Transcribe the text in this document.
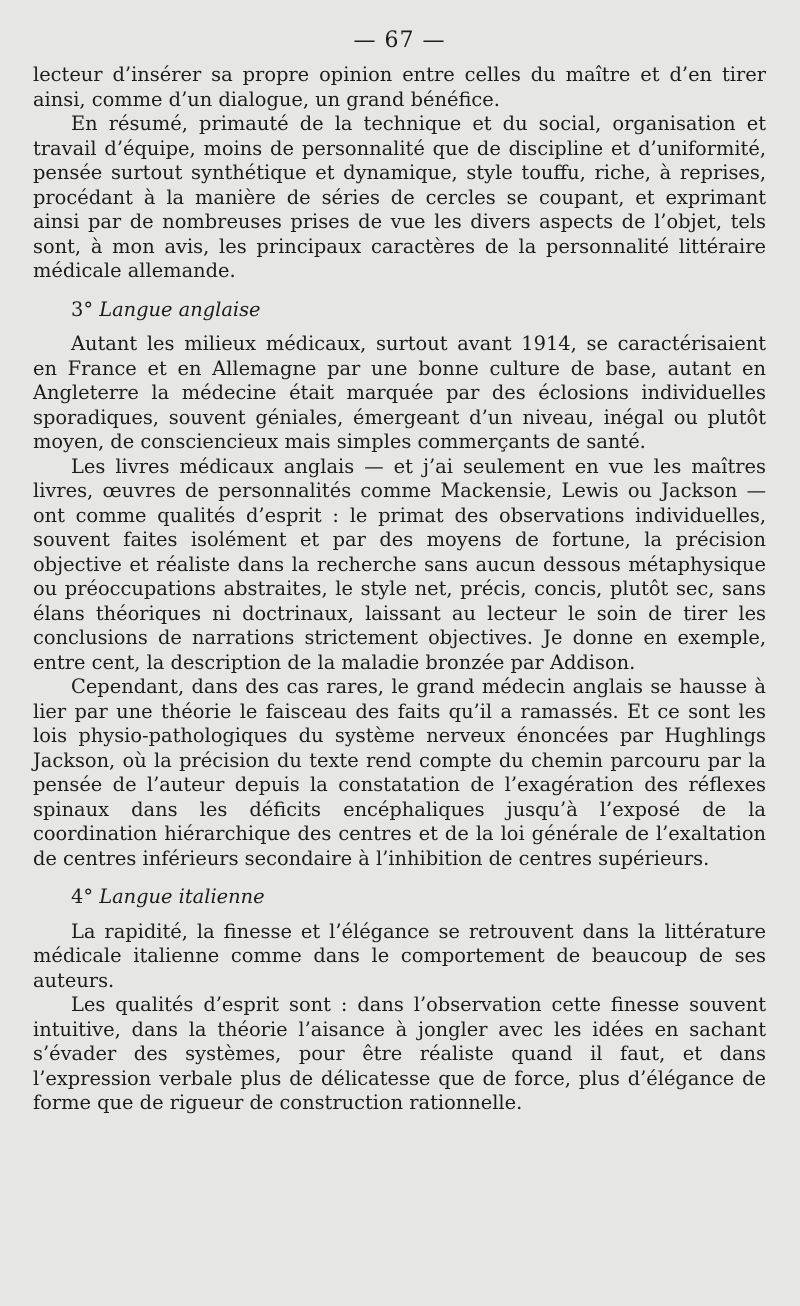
— 67 —

lecteur d’insérer sa propre opinion entre celles du maître et d’en tirer ainsi, comme d’un dialogue, un grand bénéfice.

En résumé, primauté de la technique et du social, organisation et travail d’équipe, moins de personnalité que de discipline et d’uniformité, pensée surtout synthétique et dynamique, style touffu, riche, à reprises, procédant à la manière de séries de cercles se coupant, et exprimant ainsi par de nombreuses prises de vue les divers aspects de l’objet, tels sont, à mon avis, les principaux caractères de la personnalité littéraire médicale allemande.

3° Langue anglaise

Autant les milieux médicaux, surtout avant 1914, se caractérisaient en France et en Allemagne par une bonne culture de base, autant en Angleterre la médecine était marquée par des éclosions individuelles sporadiques, souvent géniales, émergeant d’un niveau, inégal ou plutôt moyen, de consciencieux mais simples commerçants de santé.

Les livres médicaux anglais — et j’ai seulement en vue les maîtres livres, œuvres de personnalités comme Mackensie, Lewis ou Jackson — ont comme qualités d’esprit : le primat des observations individuelles, souvent faites isolément et par des moyens de fortune, la précision objective et réaliste dans la recherche sans aucun dessous métaphysique ou préoccupations abstraites, le style net, précis, concis, plutôt sec, sans élans théoriques ni doctrinaux, laissant au lecteur le soin de tirer les conclusions de narrations strictement objectives. Je donne en exemple, entre cent, la description de la maladie bronzée par Addison.

Cependant, dans des cas rares, le grand médecin anglais se hausse à lier par une théorie le faisceau des faits qu’il a ramassés. Et ce sont les lois physio-pathologiques du système nerveux énoncées par Hughlings Jackson, où la précision du texte rend compte du chemin parcouru par la pensée de l’auteur depuis la constatation de l’exagération des réflexes spinaux dans les déficits encéphaliques jusqu’à l’exposé de la coordination hiérarchique des centres et de la loi générale de l’exaltation de centres inférieurs secondaire à l’inhibition de centres supérieurs.

4° Langue italienne

La rapidité, la finesse et l’élégance se retrouvent dans la littérature médicale italienne comme dans le comportement de beaucoup de ses auteurs.

Les qualités d’esprit sont : dans l’observation cette finesse souvent intuitive, dans la théorie l’aisance à jongler avec les idées en sachant s’évader des systèmes, pour être réaliste quand il faut, et dans l’expression verbale plus de délicatesse que de force, plus d’élégance de forme que de rigueur de construction rationnelle.
